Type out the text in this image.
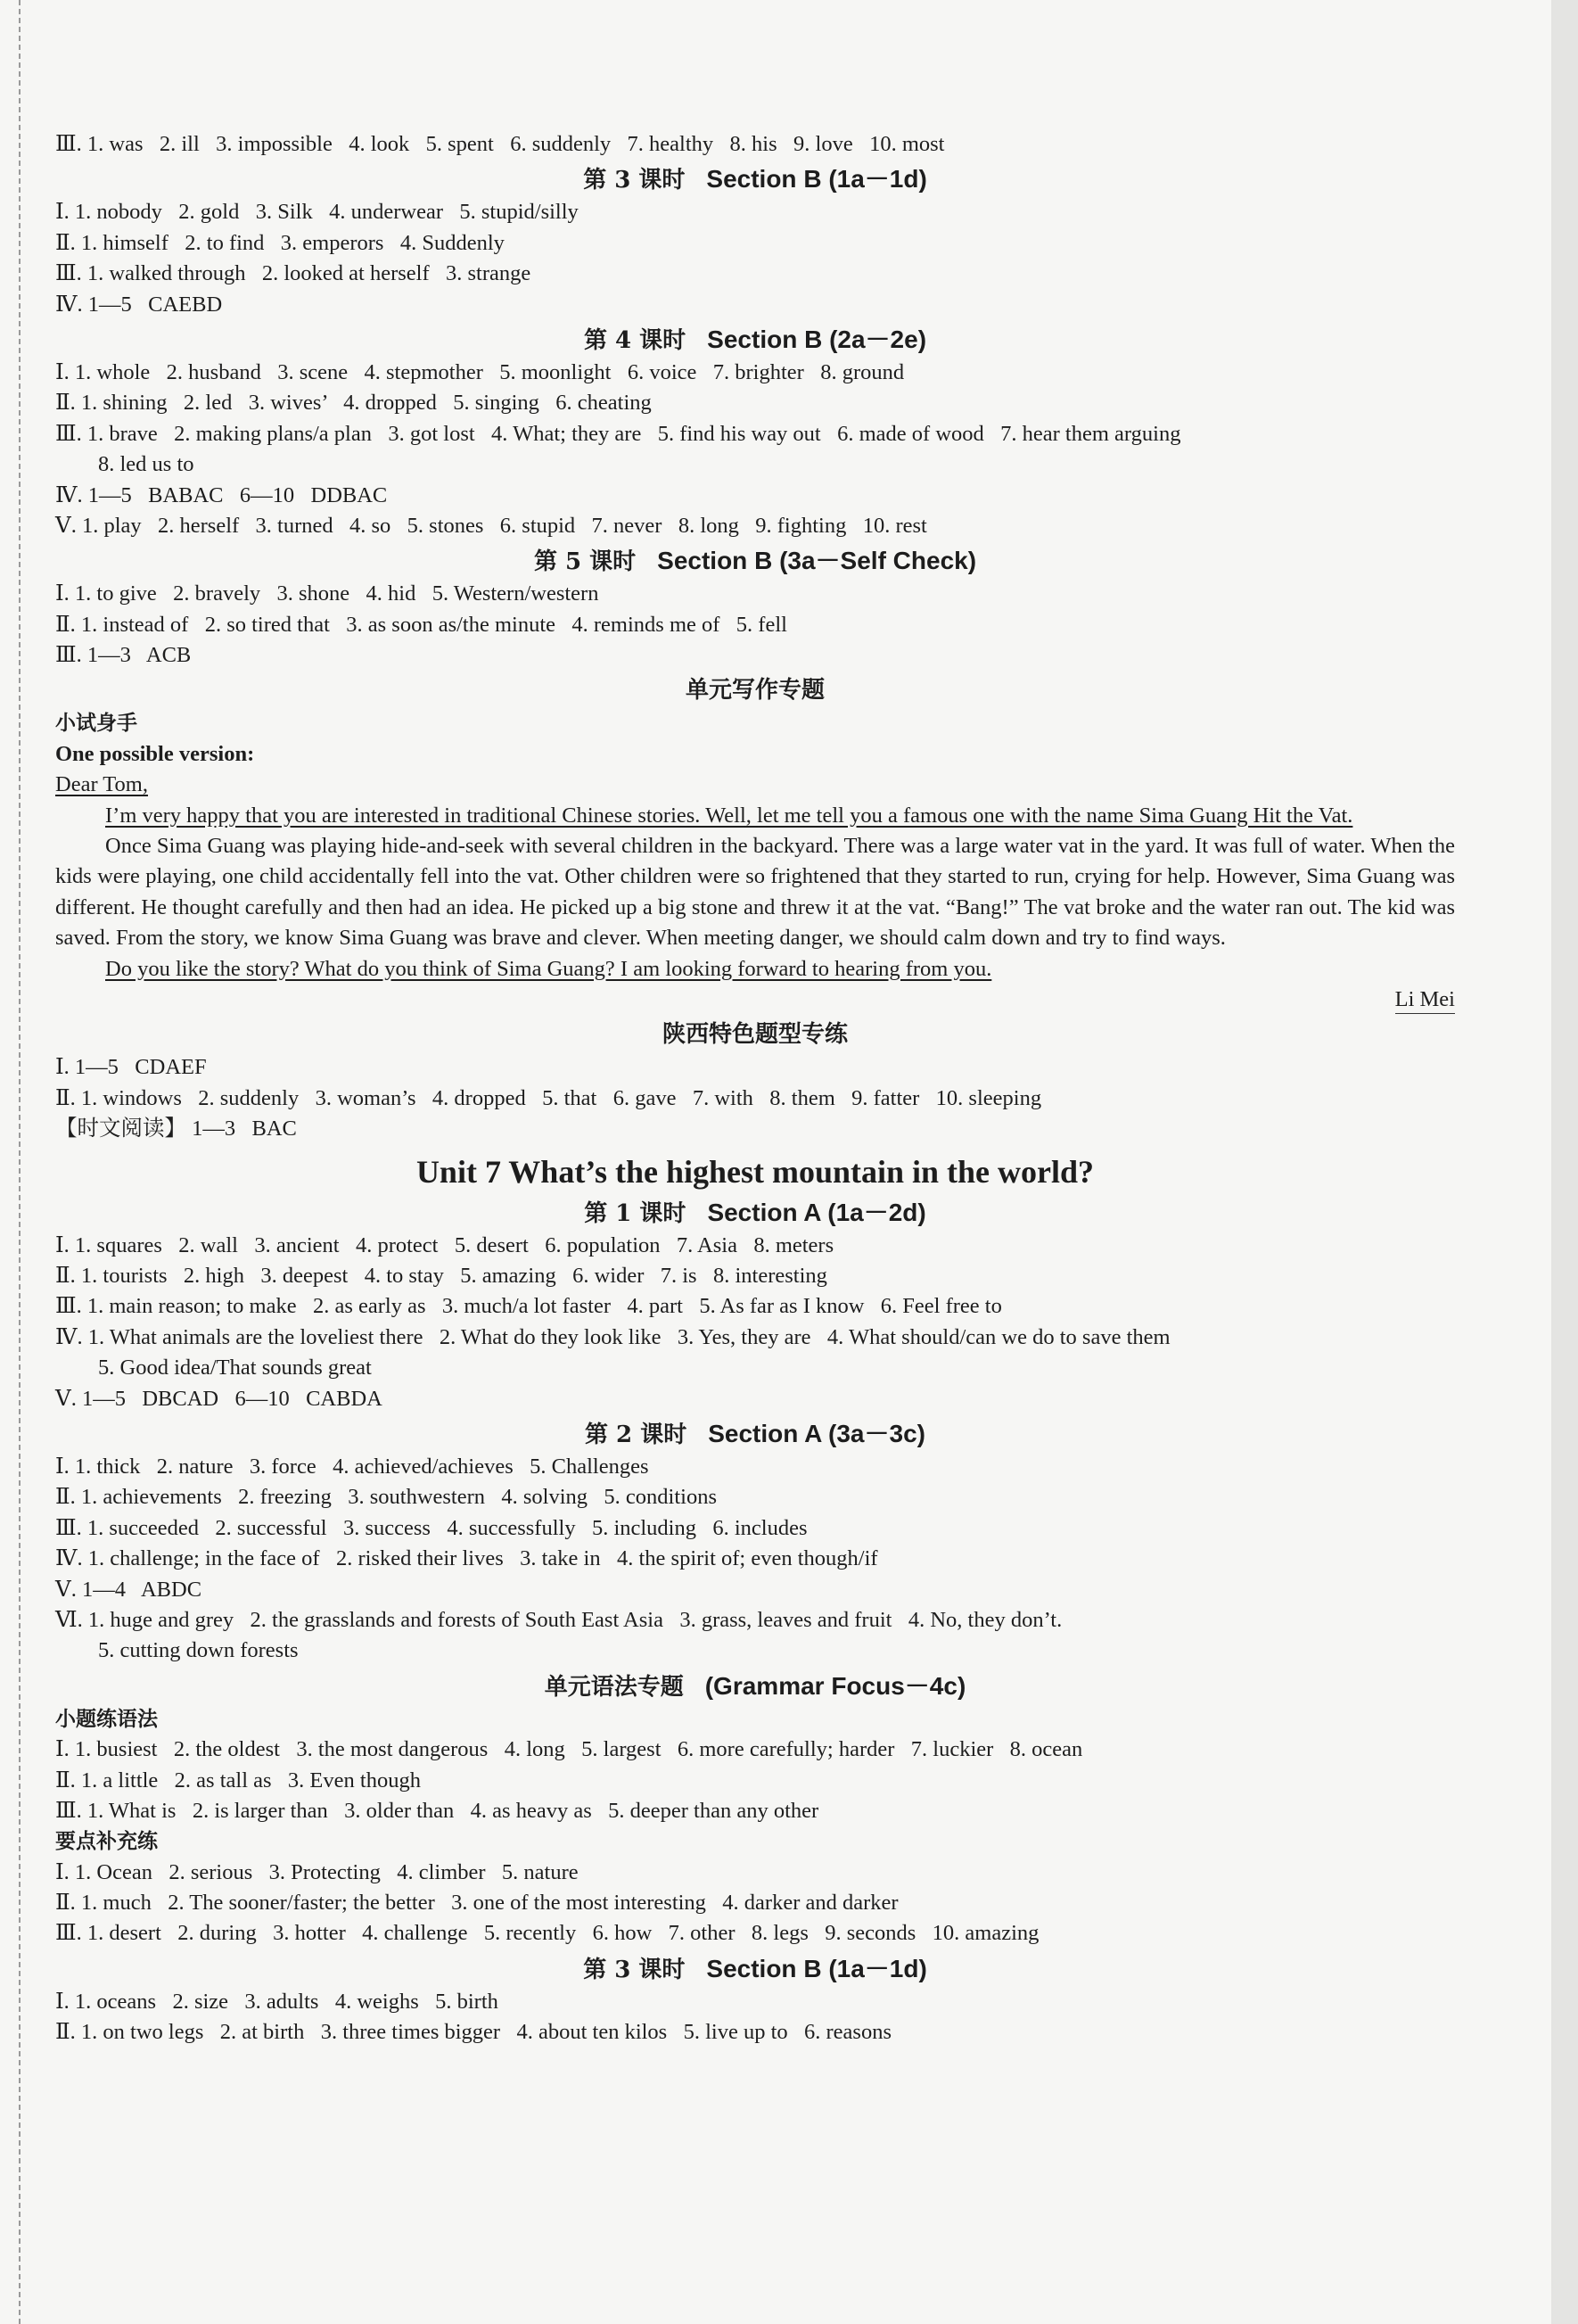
Ⅲ. 1. was   2. ill   3. impossible   4. look   5. spent   6. suddenly   7. healthy   8. his   9. love   10. most
第 3 课时 Section B (1a－1d)
Ⅰ. 1. nobody   2. gold   3. Silk   4. underwear   5. stupid/silly
Ⅱ. 1. himself   2. to find   3. emperors   4. Suddenly
Ⅲ. 1. walked through   2. looked at herself   3. strange
Ⅳ. 1—5   CAEBD
第 4 课时 Section B (2a－2e)
Ⅰ. 1. whole   2. husband   3. scene   4. stepmother   5. moonlight   6. voice   7. brighter   8. ground
Ⅱ. 1. shining   2. led   3. wives’   4. dropped   5. singing   6. cheating
Ⅲ. 1. brave   2. making plans/a plan   3. got lost   4. What; they are   5. find his way out   6. made of wood   7. hear them arguing
8. led us to
Ⅳ. 1—5   BABAC   6—10   DDBAC
Ⅴ. 1. play   2. herself   3. turned   4. so   5. stones   6. stupid   7. never   8. long   9. fighting   10. rest
第 5 课时 Section B (3a－Self Check)
Ⅰ. 1. to give   2. bravely   3. shone   4. hid   5. Western/western
Ⅱ. 1. instead of   2. so tired that   3. as soon as/the minute   4. reminds me of   5. fell
Ⅲ. 1—3   ACB
单元写作专题
小试身手
One possible version:
Dear Tom,
I’m very happy that you are interested in traditional Chinese stories. Well, let me tell you a famous one with the name Sima Guang Hit the Vat.
Once Sima Guang was playing hide-and-seek with several children in the backyard. There was a large water vat in the yard. It was full of water. When the kids were playing, one child accidentally fell into the vat. Other children were so frightened that they started to run, crying for help. However, Sima Guang was different. He thought carefully and then had an idea. He picked up a big stone and threw it at the vat. “Bang!” The vat broke and the water ran out. The kid was saved. From the story, we know Sima Guang was brave and clever. When meeting danger, we should calm down and try to find ways.
Do you like the story? What do you think of Sima Guang? I am looking forward to hearing from you.
Li Mei
陕西特色题型专练
Ⅰ. 1—5   CDAEF
Ⅱ. 1. windows   2. suddenly   3. woman’s   4. dropped   5. that   6. gave   7. with   8. them   9. fatter   10. sleeping
【时文阅读】 1—3   BAC
Unit 7 What’s the highest mountain in the world?
第 1 课时 Section A (1a－2d)
Ⅰ. 1. squares   2. wall   3. ancient   4. protect   5. desert   6. population   7. Asia   8. meters
Ⅱ. 1. tourists   2. high   3. deepest   4. to stay   5. amazing   6. wider   7. is   8. interesting
Ⅲ. 1. main reason; to make   2. as early as   3. much/a lot faster   4. part   5. As far as I know   6. Feel free to
Ⅳ. 1. What animals are the loveliest there   2. What do they look like   3. Yes, they are   4. What should/can we do to save them
5. Good idea/That sounds great
Ⅴ. 1—5   DBCAD   6—10   CABDA
第 2 课时 Section A (3a－3c)
Ⅰ. 1. thick   2. nature   3. force   4. achieved/achieves   5. Challenges
Ⅱ. 1. achievements   2. freezing   3. southwestern   4. solving   5. conditions
Ⅲ. 1. succeeded   2. successful   3. success   4. successfully   5. including   6. includes
Ⅳ. 1. challenge; in the face of   2. risked their lives   3. take in   4. the spirit of; even though/if
Ⅴ. 1—4   ABDC
Ⅵ. 1. huge and grey   2. the grasslands and forests of South East Asia   3. grass, leaves and fruit   4. No, they don’t.
5. cutting down forests
单元语法专题 (Grammar Focus－4c)
小题练语法
Ⅰ. 1. busiest   2. the oldest   3. the most dangerous   4. long   5. largest   6. more carefully; harder   7. luckier   8. ocean
Ⅱ. 1. a little   2. as tall as   3. Even though
Ⅲ. 1. What is   2. is larger than   3. older than   4. as heavy as   5. deeper than any other
要点补充练
Ⅰ. 1. Ocean   2. serious   3. Protecting   4. climber   5. nature
Ⅱ. 1. much   2. The sooner/faster; the better   3. one of the most interesting   4. darker and darker
Ⅲ. 1. desert   2. during   3. hotter   4. challenge   5. recently   6. how   7. other   8. legs   9. seconds   10. amazing
第 3 课时 Section B (1a－1d)
Ⅰ. 1. oceans   2. size   3. adults   4. weighs   5. birth
Ⅱ. 1. on two legs   2. at birth   3. three times bigger   4. about ten kilos   5. live up to   6. reasons
